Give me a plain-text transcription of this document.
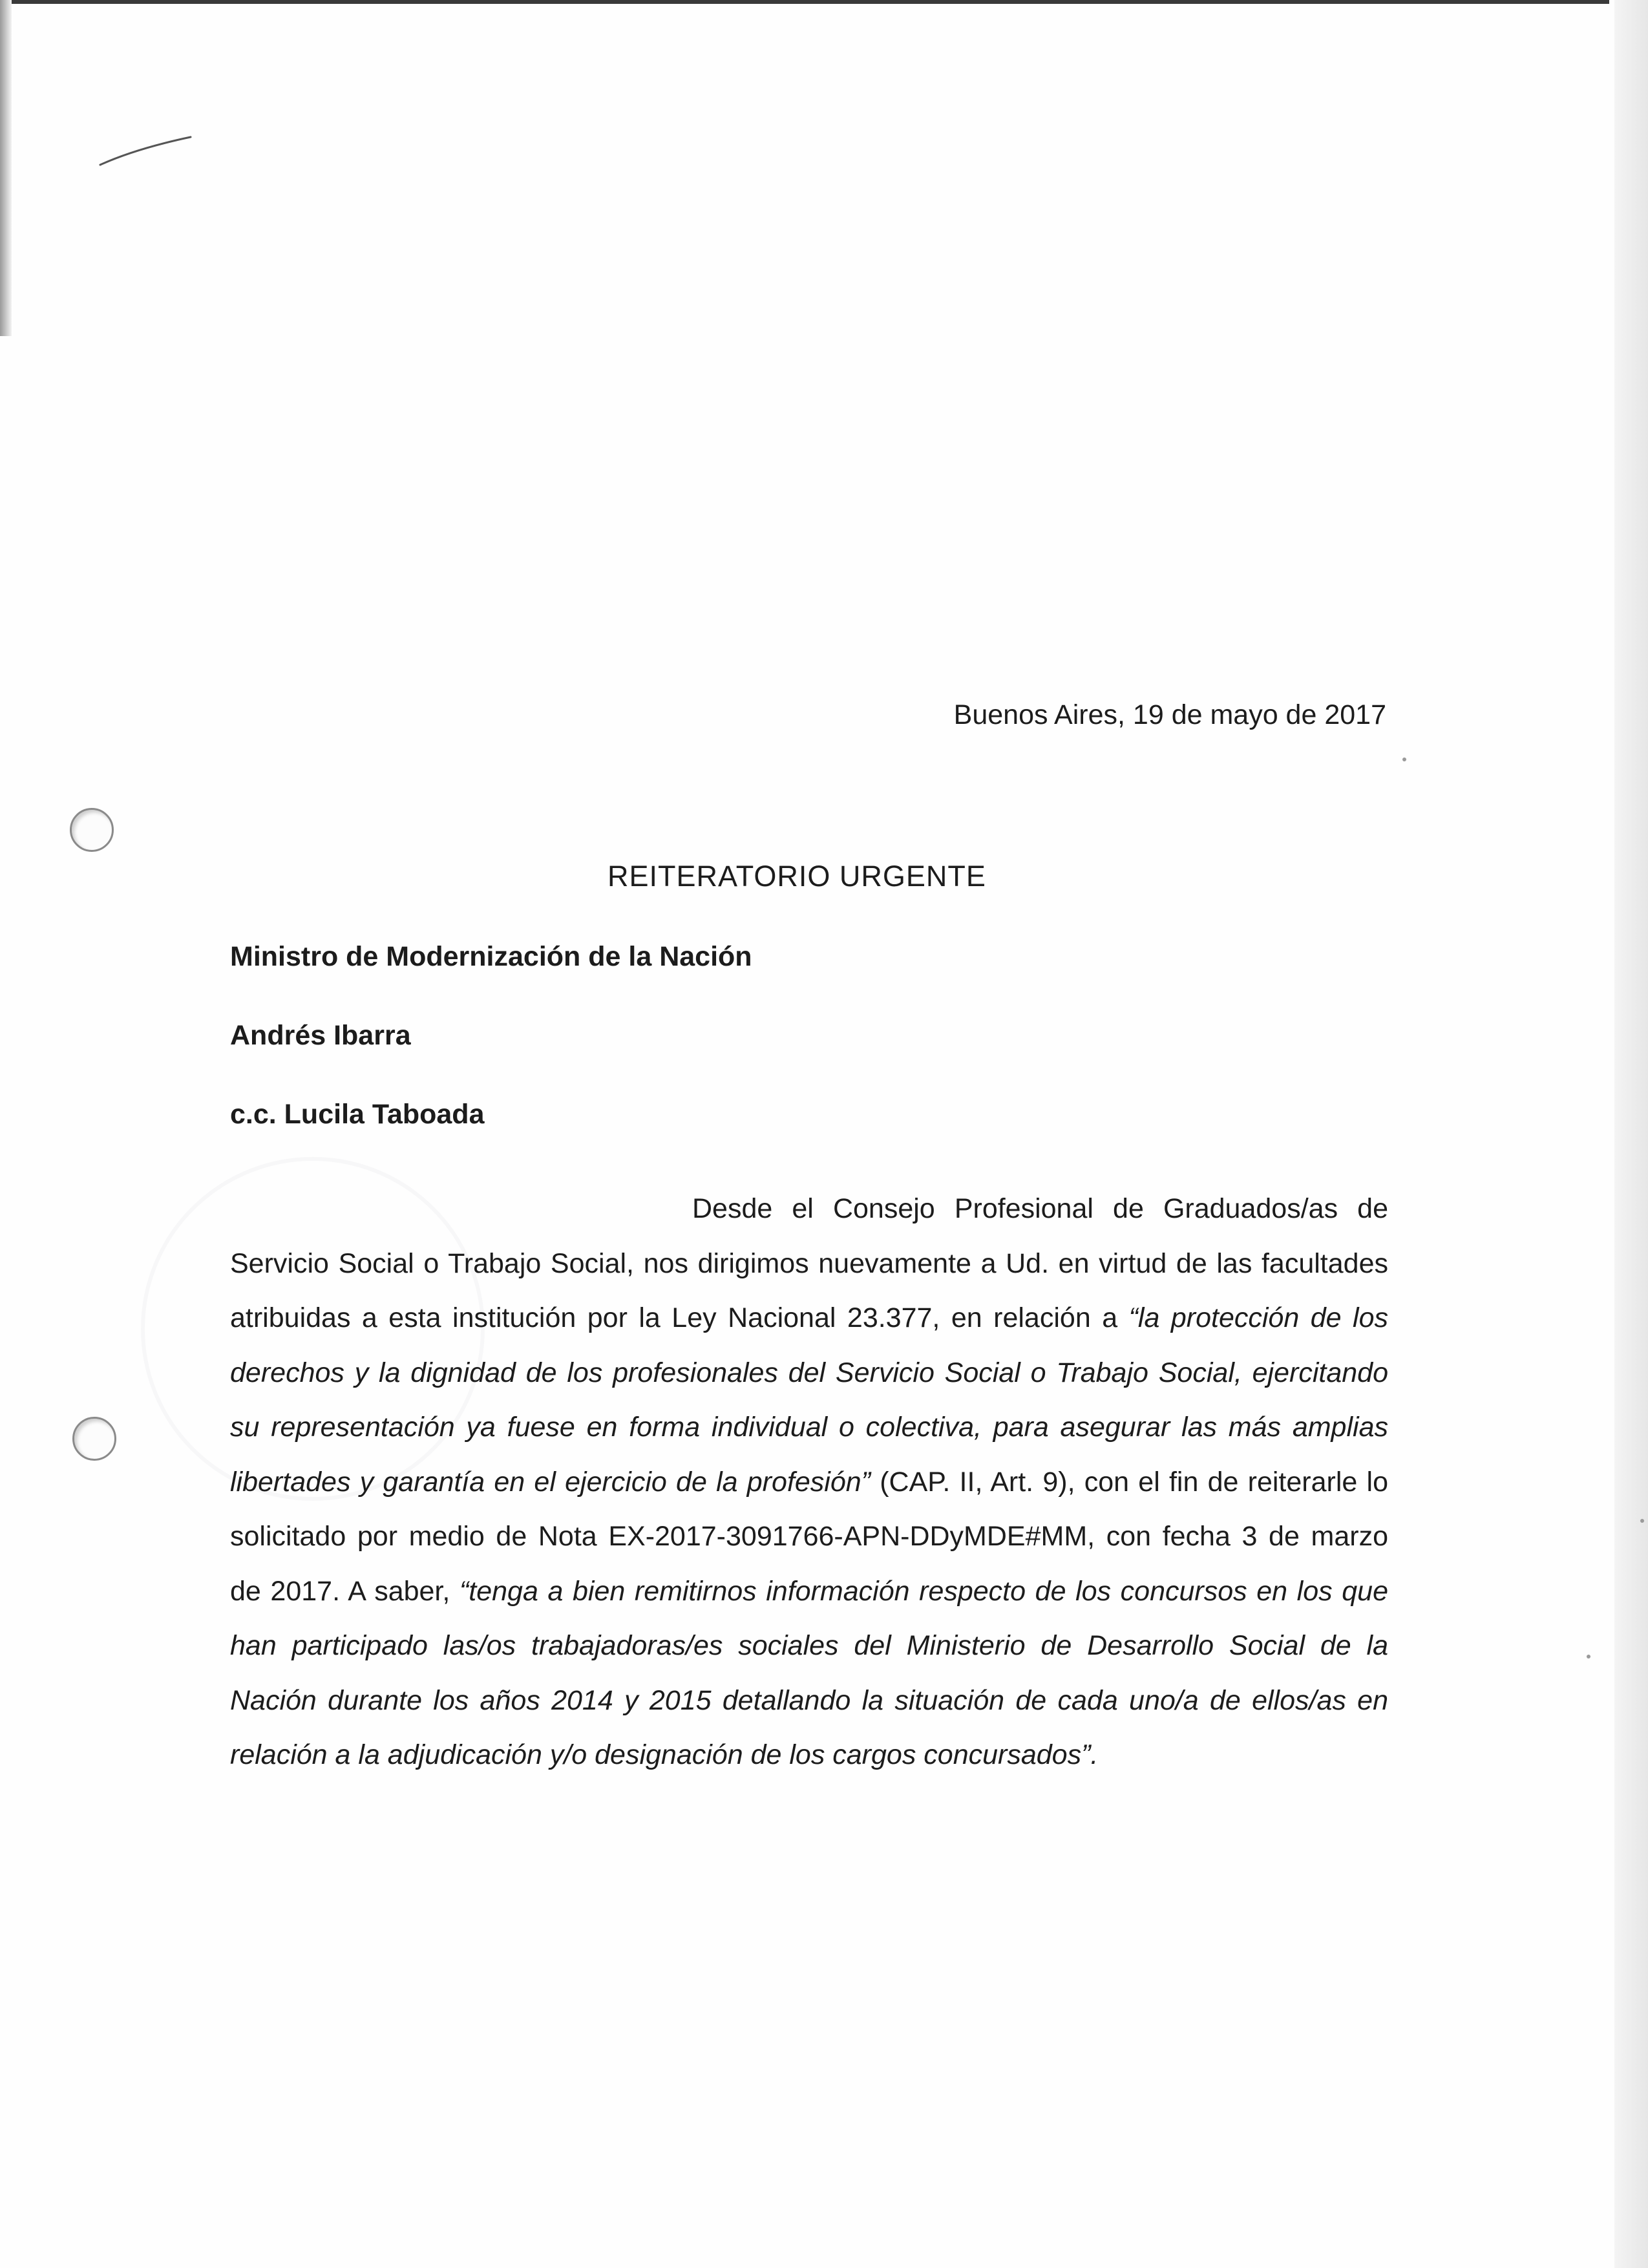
Buenos Aires, 19 de mayo de 2017
REITERATORIO URGENTE
Ministro de Modernización de la Nación
Andrés Ibarra
c.c. Lucila Taboada

Desde el Consejo Profesional de Graduados/as de Servicio Social o Trabajo Social, nos dirigimos nuevamente a Ud. en virtud de las facultades atribuidas a esta institución por la Ley Nacional 23.377, en relación a “la protección de los derechos y la dignidad de los profesionales del Servicio Social o Trabajo Social, ejercitando su representación ya fuese en forma individual o colectiva, para asegurar las más amplias libertades y garantía en el ejercicio de la profesión” (CAP. II, Art. 9), con el fin de reiterarle lo solicitado por medio de Nota EX-2017-3091766-APN-DDyMDE#MM, con fecha 3 de marzo de 2017. A saber, “tenga a bien remitirnos información respecto de los concursos en los que han participado las/os trabajadoras/es sociales del Ministerio de Desarrollo Social de la Nación durante los años 2014 y 2015 detallando la situación de cada uno/a de ellos/as en relación a la adjudicación y/o designación de los cargos concursados”.
